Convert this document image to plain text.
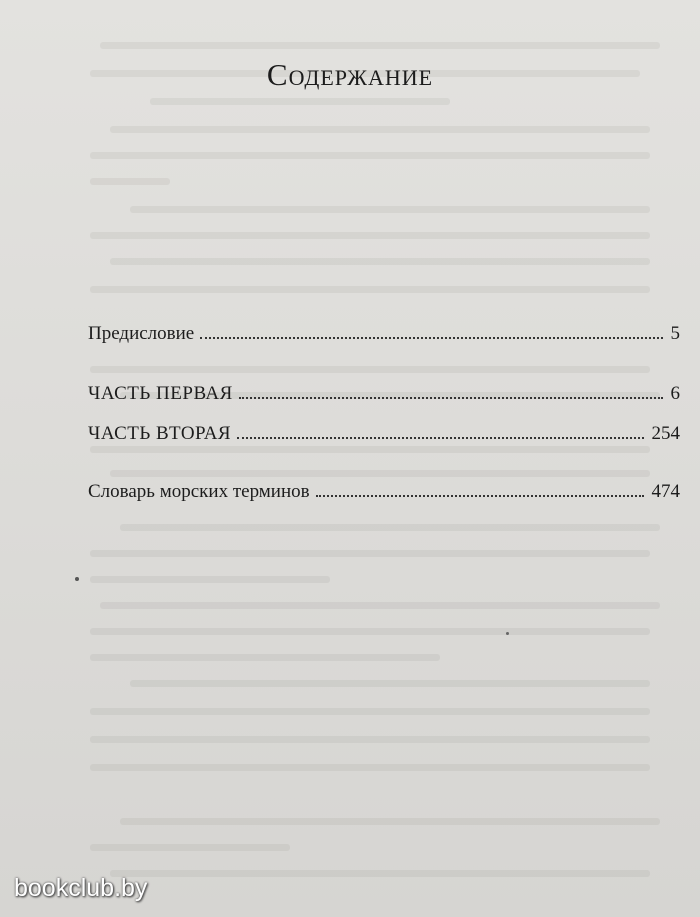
Содержание
Предисловие	5
ЧАСТЬ ПЕРВАЯ	6
ЧАСТЬ ВТОРАЯ	254
Словарь морских терминов	474
bookclub.by
